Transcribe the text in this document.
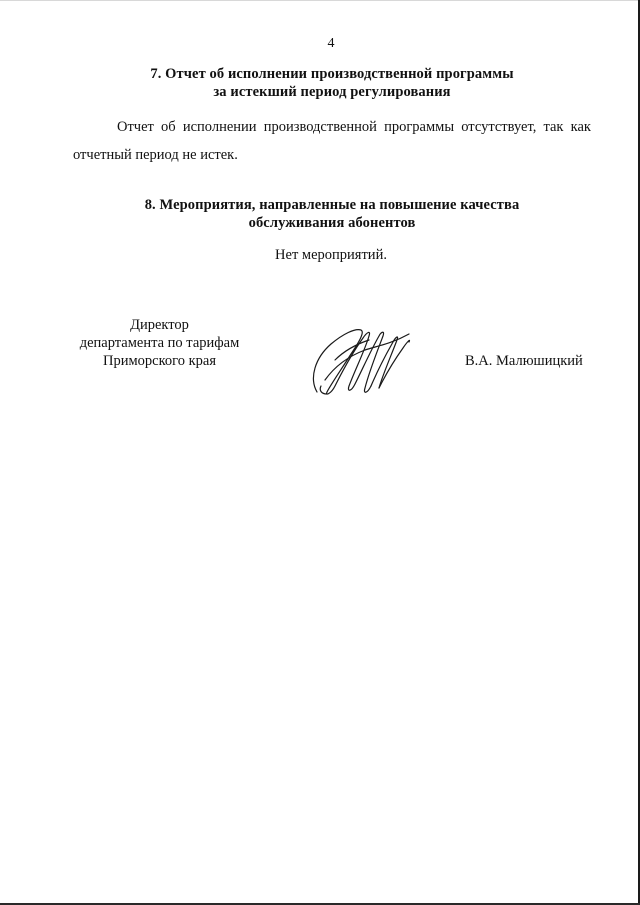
4
7. Отчет об исполнении производственной программы
за истекший период регулирования
Отчет об исполнении производственной программы отсутствует, так как
отчетный период не истек.
8. Мероприятия, направленные на повышение качества
обслуживания абонентов
Нет мероприятий.
Директор
департамента по тарифам
Приморского края	В.А. Малюшицкий
